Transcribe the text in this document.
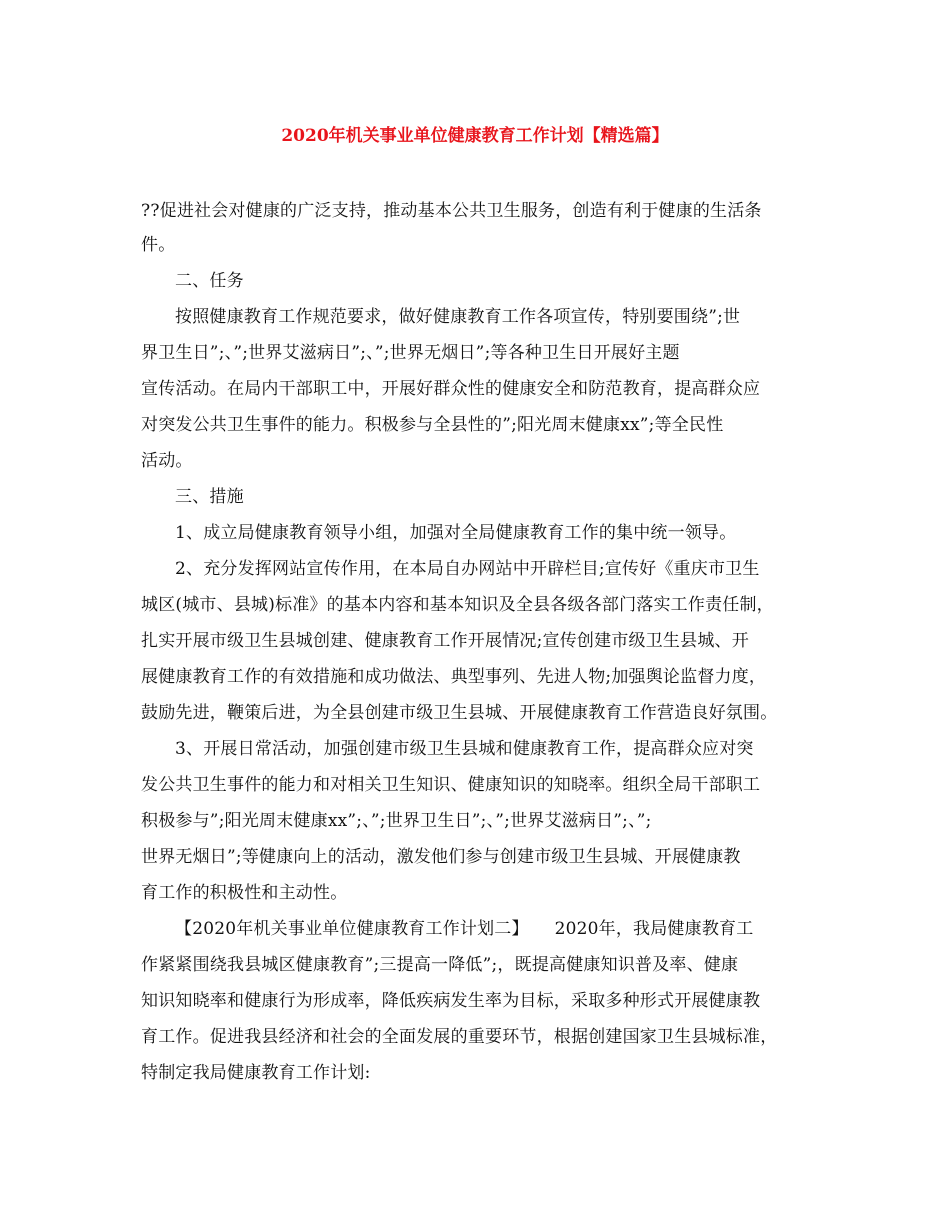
2020年机关事业单位健康教育工作计划【精选篇】
??促进社会对健康的广泛支持，推动基本公共卫生服务，创造有利于健康的生活条
件。
二、任务
按照健康教育工作规范要求，做好健康教育工作各项宣传，特别要围绕”;世
界卫生日”;、”;世界艾滋病日”;、”;世界无烟日”;等各种卫生日开展好主题
宣传活动。在局内干部职工中，开展好群众性的健康安全和防范教育，提高群众应
对突发公共卫生事件的能力。积极参与全县性的”;阳光周末健康xx”;等全民性
活动。
三、措施
1、成立局健康教育领导小组，加强对全局健康教育工作的集中统一领导。
2、充分发挥网站宣传作用，在本局自办网站中开辟栏目;宣传好《重庆市卫生
城区(城市、县城)标准》的基本内容和基本知识及全县各级各部门落实工作责任制，
扎实开展市级卫生县城创建、健康教育工作开展情况;宣传创建市级卫生县城、开
展健康教育工作的有效措施和成功做法、典型事列、先进人物;加强舆论监督力度，
鼓励先进，鞭策后进，为全县创建市级卫生县城、开展健康教育工作营造良好氛围。
3、开展日常活动，加强创建市级卫生县城和健康教育工作，提高群众应对突
发公共卫生事件的能力和对相关卫生知识、健康知识的知晓率。组织全局干部职工
积极参与”;阳光周末健康xx”;、”;世界卫生日”;、”;世界艾滋病日”;、”;
世界无烟日”;等健康向上的活动，激发他们参与创建市级卫生县城、开展健康教
育工作的积极性和主动性。
【2020年机关事业单位健康教育工作计划二】　　2020年，我局健康教育工
作紧紧围绕我县城区健康教育”;三提高一降低”;，既提高健康知识普及率、健康
知识知晓率和健康行为形成率，降低疾病发生率为目标，采取多种形式开展健康教
育工作。促进我县经济和社会的全面发展的重要环节，根据创建国家卫生县城标准，
特制定我局健康教育工作计划:
